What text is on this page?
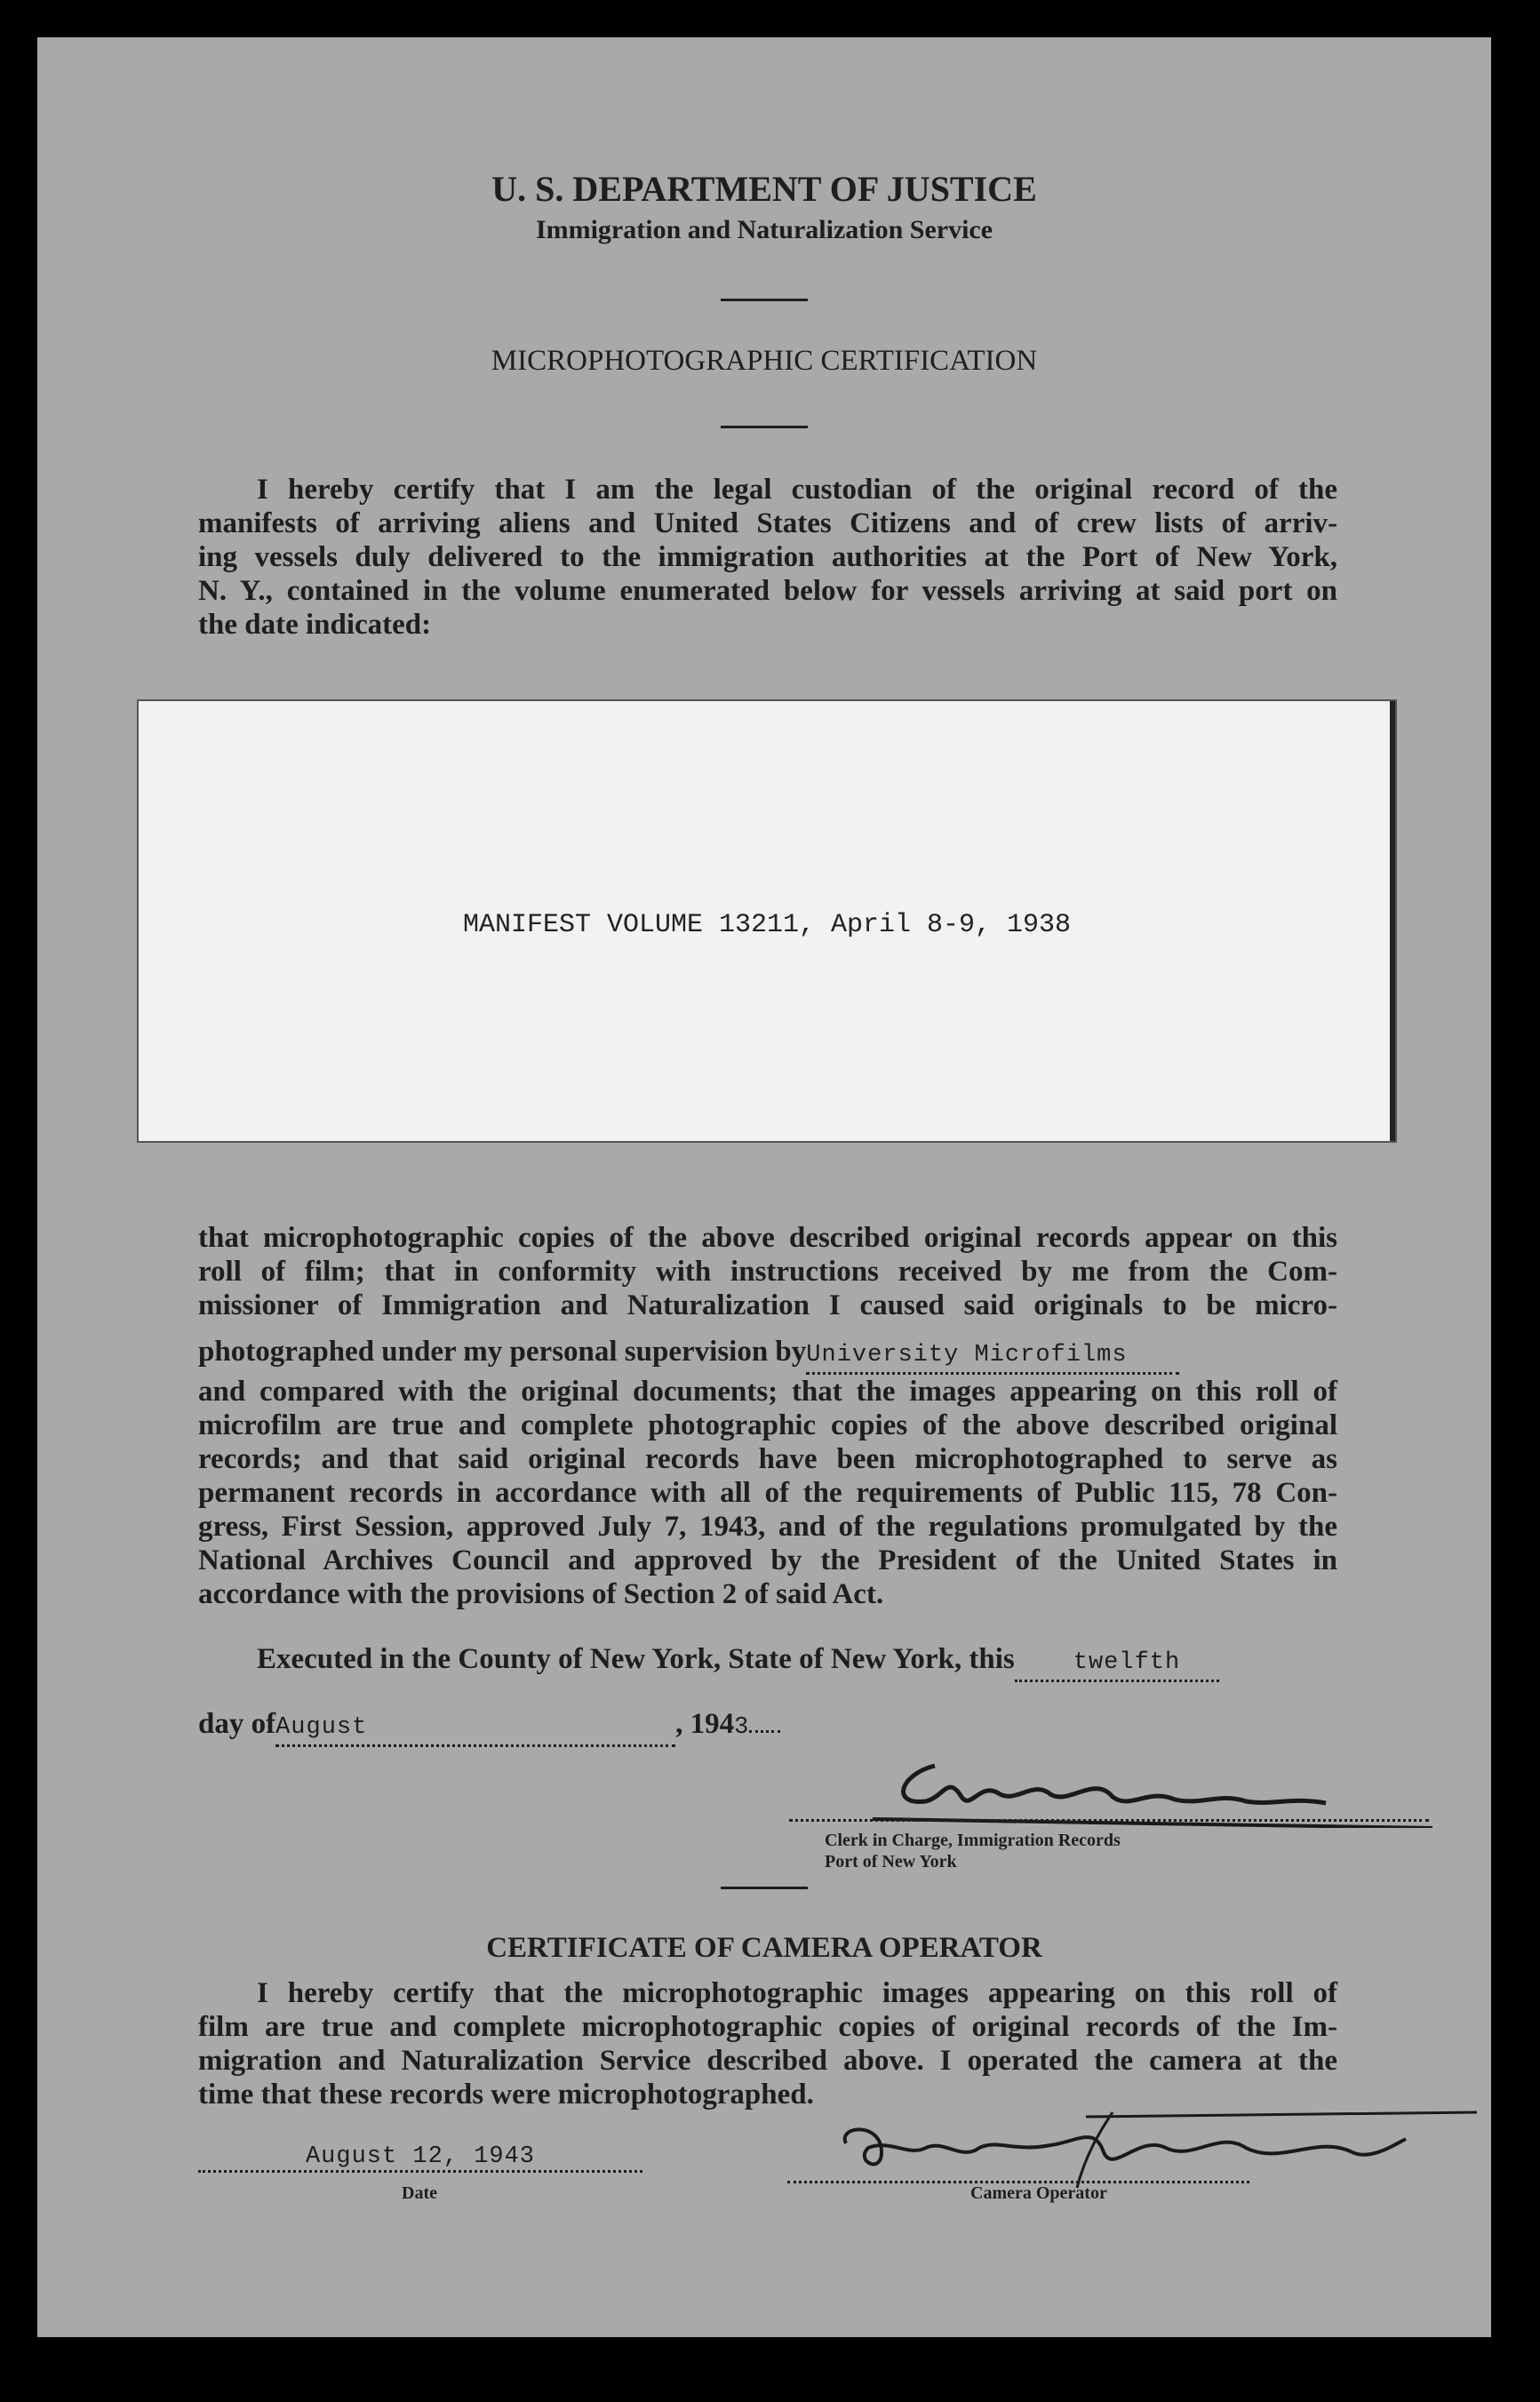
U. S. DEPARTMENT OF JUSTICE
Immigration and Naturalization Service
MICROPHOTOGRAPHIC CERTIFICATION
I hereby certify that I am the legal custodian of the original record of the
manifests of arriving aliens and United States Citizens and of crew lists of arriv-
ing vessels duly delivered to the immigration authorities at the Port of New York,
N. Y., contained in the volume enumerated below for vessels arriving at said port on
the date indicated:
MANIFEST VOLUME 13211, April 8-9, 1938
that microphotographic copies of the above described original records appear on this
roll of film; that in conformity with instructions received by me from the Com-
missioner of Immigration and Naturalization I caused said originals to be micro-
photographed under my personal supervision byUniversity Microfilms
and compared with the original documents; that the images appearing on this roll of
microfilm are true and complete photographic copies of the above described original
records; and that said original records have been microphotographed to serve as
permanent records in accordance with all of the requirements of Public 115, 78 Con-
gress, First Session, approved July 7, 1943, and of the regulations promulgated by the
National Archives Council and approved by the President of the United States in
accordance with the provisions of Section 2 of said Act.
Executed in the County of New York, State of New York, this twelfth
day ofAugust	, 1943
Clerk in Charge, Immigration Records
Port of New York
CERTIFICATE OF CAMERA OPERATOR
I hereby certify that the microphotographic images appearing on this roll of
film are true and complete microphotographic copies of original records of the Im-
migration and Naturalization Service described above. I operated the camera at the
time that these records were microphotographed.
August 12, 1943
Date	Camera Operator
